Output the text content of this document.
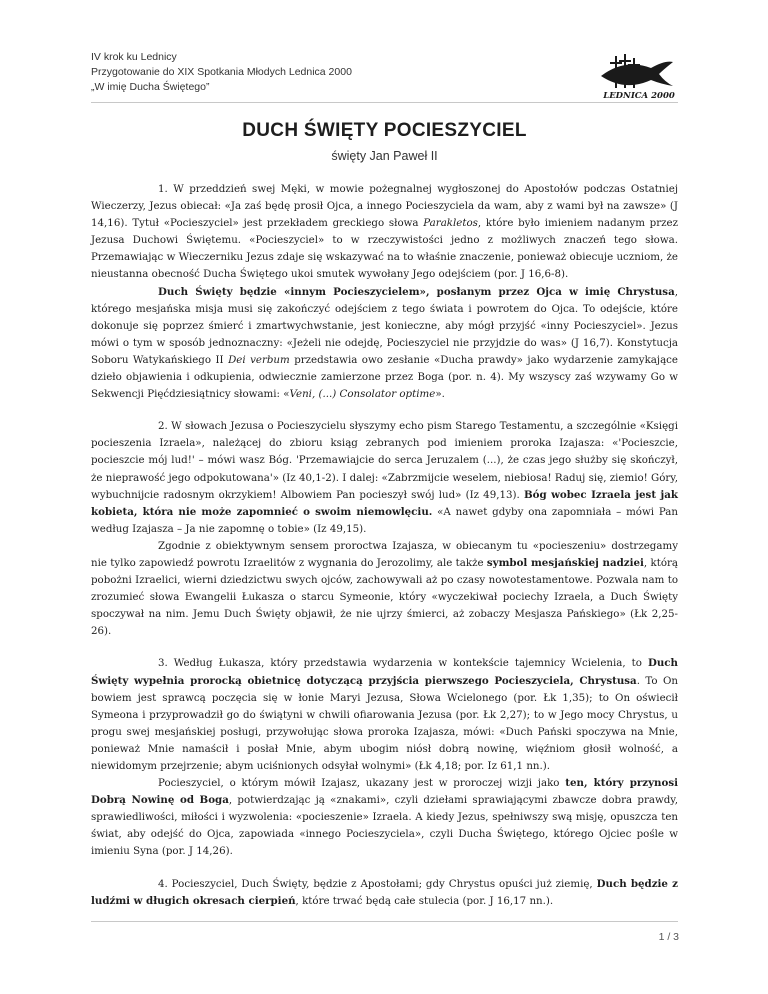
IV krok ku Lednicy
Przygotowanie do XIX Spotkania Młodych Lednica 2000
„W imię Ducha Świętego”
LEDNICA 2000
DUCH ŚWIĘTY POCIESZYCIEL
święty Jan Paweł II

1. W przeddzień swej Męki, w mowie pożegnalnej wygłoszonej do Apostołów podczas Ostatniej Wieczerzy, Jezus obiecał: «Ja zaś będę prosił Ojca, a innego Pocieszyciela da wam, aby z wami był na zawsze» (J 14,16). Tytuł «Pocieszyciel» jest przekładem greckiego słowa Parakletos, które było imieniem nadanym przez Jezusa Duchowi Świętemu. «Pocieszyciel» to w rzeczywistości jedno z możliwych znaczeń tego słowa. Przemawiając w Wieczerniku Jezus zdaje się wskazywać na to właśnie znaczenie, ponieważ obiecuje uczniom, że nieustanna obecność Ducha Świętego ukoi smutek wywołany Jego odejściem (por. J 16,6-8).

Duch Święty będzie «innym Pocieszycielem», posłanym przez Ojca w imię Chrystusa, którego mesjańska misja musi się zakończyć odejściem z tego świata i powrotem do Ojca. To odejście, które dokonuje się poprzez śmierć i zmartwychwstanie, jest konieczne, aby mógł przyjść «inny Pocieszyciel». Jezus mówi o tym w sposób jednoznaczny: «Jeżeli nie odejdę, Pocieszyciel nie przyjdzie do was» (J 16,7). Konstytucja Soboru Watykańskiego II Dei verbum przedstawia owo zesłanie «Ducha prawdy» jako wydarzenie zamykające dzieło objawienia i odkupienia, odwiecznie zamierzone przez Boga (por. n. 4). My wszyscy zaś wzywamy Go w Sekwencji Pięćdziesiątnicy słowami: «Veni, (...) Consolator optime».

2. W słowach Jezusa o Pocieszycielu słyszymy echo pism Starego Testamentu, a szczególnie «Księgi pocieszenia Izraela», należącej do zbioru ksiąg zebranych pod imieniem proroka Izajasza: «'Pocieszcie, pocieszcie mój lud!' – mówi wasz Bóg. 'Przemawiajcie do serca Jeruzalem (...), że czas jego służby się skończył, że nieprawość jego odpokutowana'» (Iz 40,1-2). I dalej: «Zabrzmijcie weselem, niebiosa! Raduj się, ziemio! Góry, wybuchnijcie radosnym okrzykiem! Albowiem Pan pocieszył swój lud» (Iz 49,13). Bóg wobec Izraela jest jak kobieta, która nie może zapomnieć o swoim niemowlęciu. «A nawet gdyby ona zapomniała – mówi Pan według Izajasza – Ja nie zapomnę o tobie» (Iz 49,15).

Zgodnie z obiektywnym sensem proroctwa Izajasza, w obiecanym tu «pocieszeniu» dostrzegamy nie tylko zapowiedź powrotu Izraelitów z wygnania do Jerozolimy, ale także symbol mesjańskiej nadziei, którą pobożni Izraelici, wierni dziedzictwu swych ojców, zachowywali aż po czasy nowotestamentowe. Pozwala nam to zrozumieć słowa Ewangelii Łukasza o starcu Symeonie, który «wyczekiwał pociechy Izraela, a Duch Święty spoczywał na nim. Jemu Duch Święty objawił, że nie ujrzy śmierci, aż zobaczy Mesjasza Pańskiego» (Łk 2,25-26).

3. Według Łukasza, który przedstawia wydarzenia w kontekście tajemnicy Wcielenia, to Duch Święty wypełnia prorocką obietnicę dotyczącą przyjścia pierwszego Pocieszyciela, Chrystusa. To On bowiem jest sprawcą poczęcia się w łonie Maryi Jezusa, Słowa Wcielonego (por. Łk 1,35); to On oświecił Symeona i przyprowadził go do świątyni w chwili ofiarowania Jezusa (por. Łk 2,27); to w Jego mocy Chrystus, u progu swej mesjańskiej posługi, przywołując słowa proroka Izajasza, mówi: «Duch Pański spoczywa na Mnie, ponieważ Mnie namaścił i posłał Mnie, abym ubogim niósł dobrą nowinę, więźniom głosił wolność, a niewidomym przejrzenie; abym uciśnionych odsyłał wolnymi» (Łk 4,18; por. Iz 61,1 nn.).

Pocieszyciel, o którym mówił Izajasz, ukazany jest w proroczej wizji jako ten, który przynosi Dobrą Nowinę od Boga, potwierdzając ją «znakami», czyli dziełami sprawiającymi zbawcze dobra prawdy, sprawiedliwości, miłości i wyzwolenia: «pocieszenie» Izraela. A kiedy Jezus, spełniwszy swą misję, opuszcza ten świat, aby odejść do Ojca, zapowiada «innego Pocieszyciela», czyli Ducha Świętego, którego Ojciec pośle w imieniu Syna (por. J 14,26).

4. Pocieszyciel, Duch Święty, będzie z Apostołami; gdy Chrystus opuści już ziemię, Duch będzie z ludźmi w długich okresach cierpień, które trwać będą całe stulecia (por. J 16,17 nn.).

1 / 3
